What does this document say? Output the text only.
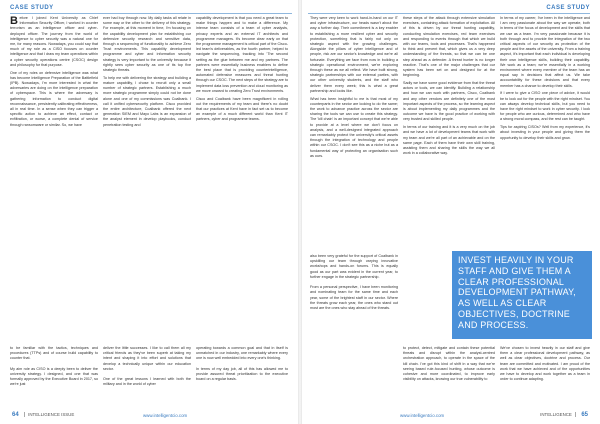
CASE STUDY

Before I joined Kent University as Chief Information Security Officer, I worked in counter terrorism as an intelligence officer and cyber-deployed officer. The journey from the world of intelligence to cyber security was a natural one for me, for many reasons. Nowadays, you could say that much of my role as a CISO focuses on counter intelligence and that I draw my team operations within a cyber security operations centre (CSOC) design and philosophy for that purpose.

One of my roles on defensive intelligence was what has become Intelligence Preparation of the Battlefield (IPB). Nowadays, I'm more interested in what the adversaries are doing on the intelligence preparation of cyberspace. This is where the adversary is gathering information to conduct digital reconnaissance, persistently calibrating effectiveness, all in real time. In a sense when they can trigger a specific action to achieve an effect, contact or exfiltration, or worse, a complete denial of service through ransomware or similar. So, we have

ever had buy through now. My daily tasks all relate in some way or the other to the delivery of this strategy. For example, at this moment in time, I'm focusing on the capability development plan for establishing our defensive security research and sensitive data, through a sequencing of functionality to achieve Zero Trust environments. This capability development programme and cyber and information security strategy is very important to the university because it rightly sees cyber security as one of its top five strategic threats.

To help me with delivering the strategy and building a mature capability, I chose to recruit only a small number of strategic partners. Establishing a much more strategic programme simply could not be done alone and one of my commissions was Coalbank. I call it unified cybersecurity platform. Cisco provided the entire architecture, Coalbank offered the next generation SIEM and Mayo Labs is an expansion of the analyst element in develop playbooks, conduct penetration testing and

capability development is that you need a great team to make things happen and to make a difference. My intense team consists of a team of cyber analysts, privacy experts and an external IT architects and programme managers. It's become clear early on that the programme management is critical part of the Cisco-led team's deliverables, as the fourth partner, helped to navigate the sequencing, tracking into 'The second setting as the glue between me and my partners. The partners were essentially business enablers to define the best place that is providing counterintelligence, automated defensive measures and threat hunting through our CSOC. The next steps of the strategy are to implement data loss prevention and cloud monitoring as we move onward to creating Zero Trust environments.

Cisco and Coalbank have been magnificent in rolling out the requirements of my team and there's no doubt that our practices at Kent have in fact set us to become an example of a much different world than Kent IT partners, cyber and programme teams.

to be familiar with the tactics, techniques and procedures (TTPs) and of course build capability to counter that.

My aim role as CISO is a deeply been to deliver the university strategy. I designed, and one that was formally approved by the Executive Board in 2017, so we're just
deliver the little successes. I like to call them all my critical friends as they've been superb at taking my intent and shaping it into effort and solutions that develop a technically unique within our education sector.

One of the great lessons I learned with both the military and in the world of cyber
operating towards a common goal and that in itself is unmatched in our industry, one remarkably where every one is now well embedded into every one's thinking.

In terms of my day job, all of this has allowed me to provide assured threat prioritization to the executive board on a regular basis.
64 INTELLIGENCE ISSUE	www.intelligentcio.com
CASE STUDY

They were very keen to work hand-in-hand on our IT and cyber infrastructure, our heads wasn't about the way a further day. Their commitment is a key enabler to establishing a more resilient cyber and security protection, something that is fairly not only on strategic aspect with the growing challenges. Alongside the pillars of cyber intelligence and of people, risk are our sector's knowledge and we're all fortunate. Everything we face from now in building a strategic operational environment, we're exploring through these as we all reflect. We have built strong, strategic partnerships with our external parties, with our other university students, and the staff who deliver them every week; this is what a great partnership and looks like.

What has been insightful to me is that most of my counterparts in the sector are looking to do the same; the work to advance practice across the sector are sharing the tools we can use to create this strategy. The 'kill chain' is an important concept that we're able to provide at a level where we don't focus on analysis, and a well-designed integrated approach can remarkably protect the university's critical assets through the integration of technology and people within our CSOC. I don't see this as a niche but as a fundamental way of protecting an organisation such as ours.

these steps of the attack through extensive simulation exercises, containing attack formation of exploitation. All of this is driven by our threat hunting capability, conducting simulation exercises, red team exercises and responding to events through that which we build with our teams, tools and processes. That's happened to think and prevent that, which gives us a very deep understanding of the threats, so that we can be one step ahead as a defender. A threat hunter is no longer reactive. That's one of the major challenges that our system has been set on and designed for at the beginning.

Sadly we have some good evidence from that the threat actors or tools, we can identify. Building a relationship and how we can work with partners, Cisco, Coalbank and any other vendors are definitely one of the most important aspects of the process, so the learning aspect is about implementing my daily programmes and the outcome we have is the good practice of working with very trusted and skilled people.

In terms of our training and it is a very much on the job and we have a lot of development teams that work with my team and we're all part of an achievable and on the same page. Each of them have their own skill training, assisting them and sharing the skills the way we all work in a collaborative way.

In terms of my career, I've been in the intelligence and I am very passionate about the way we operate, both in terms of the focus of development and the skills that we use as a team. I'm very passionate because it is both through and to provide the integration of the two critical aspects of our security as protection of the people and the assets of the university. From a training aspect, it's important that each individual is developing their own intelligence skills, building their capability. We work as a team; we're essentially in a working environment where every member of the team has an equal say in decisions that affect us. We take accountability for these decisions and that every member has a chance to develop their skills.

If I were to give a CISO one piece of advice, it would be to look out for the people with the right mindset. You can always develop technical skills, but you need to have the right mindset to work in cyber security. I look for people who are curious, determined and who have a strong moral compass, and the rest can be taught.

Tips for aspiring CISOs? Well from my experience, it's about investing in your people and giving them the opportunity to develop their skills and grow.

INVEST HEAVILY IN YOUR STAFF AND GIVE THEM A CLEAR PROFESSIONAL DEVELOPMENT PATHWAY, AS WELL AS CLEAR OBJECTIVES, DOCTRINE AND PROCESS.
also been very grateful for the support of Coalbank in upskilling our team through varying innovative workshops and hands-on forums. This is equally good as our part was evident in the current year, to further engage in the strategic partnership.

From a personal perspective, I have been monitoring and nominating team for the same time and each year, some of the brightest staff in our sector. Where the threats grow each year, the ones who stand out most are the ones who stay ahead of the threats.
to protect, detect, mitigate and contain these potential threats and disrupt within the analyst-centred orchestration approach, to operate in the space of the kill chain. I've got this kind of shift in a way that we're seeing based rule-focused hunting, whose outcome is cohesive and more coordinated, to improve early visibility on attacks, knowing our true vulnerability to
We've chosen to invest heavily in our staff and give them a clear professional development pathway, as well as clear objectives, doctrine and process. Our team are committed and motivated. I am proud of the work that we have achieved and of the opportunities we have to develop and work together as a team in order to continue adapting.
www.intelligentcio.com	INTELLIGENCE 65
